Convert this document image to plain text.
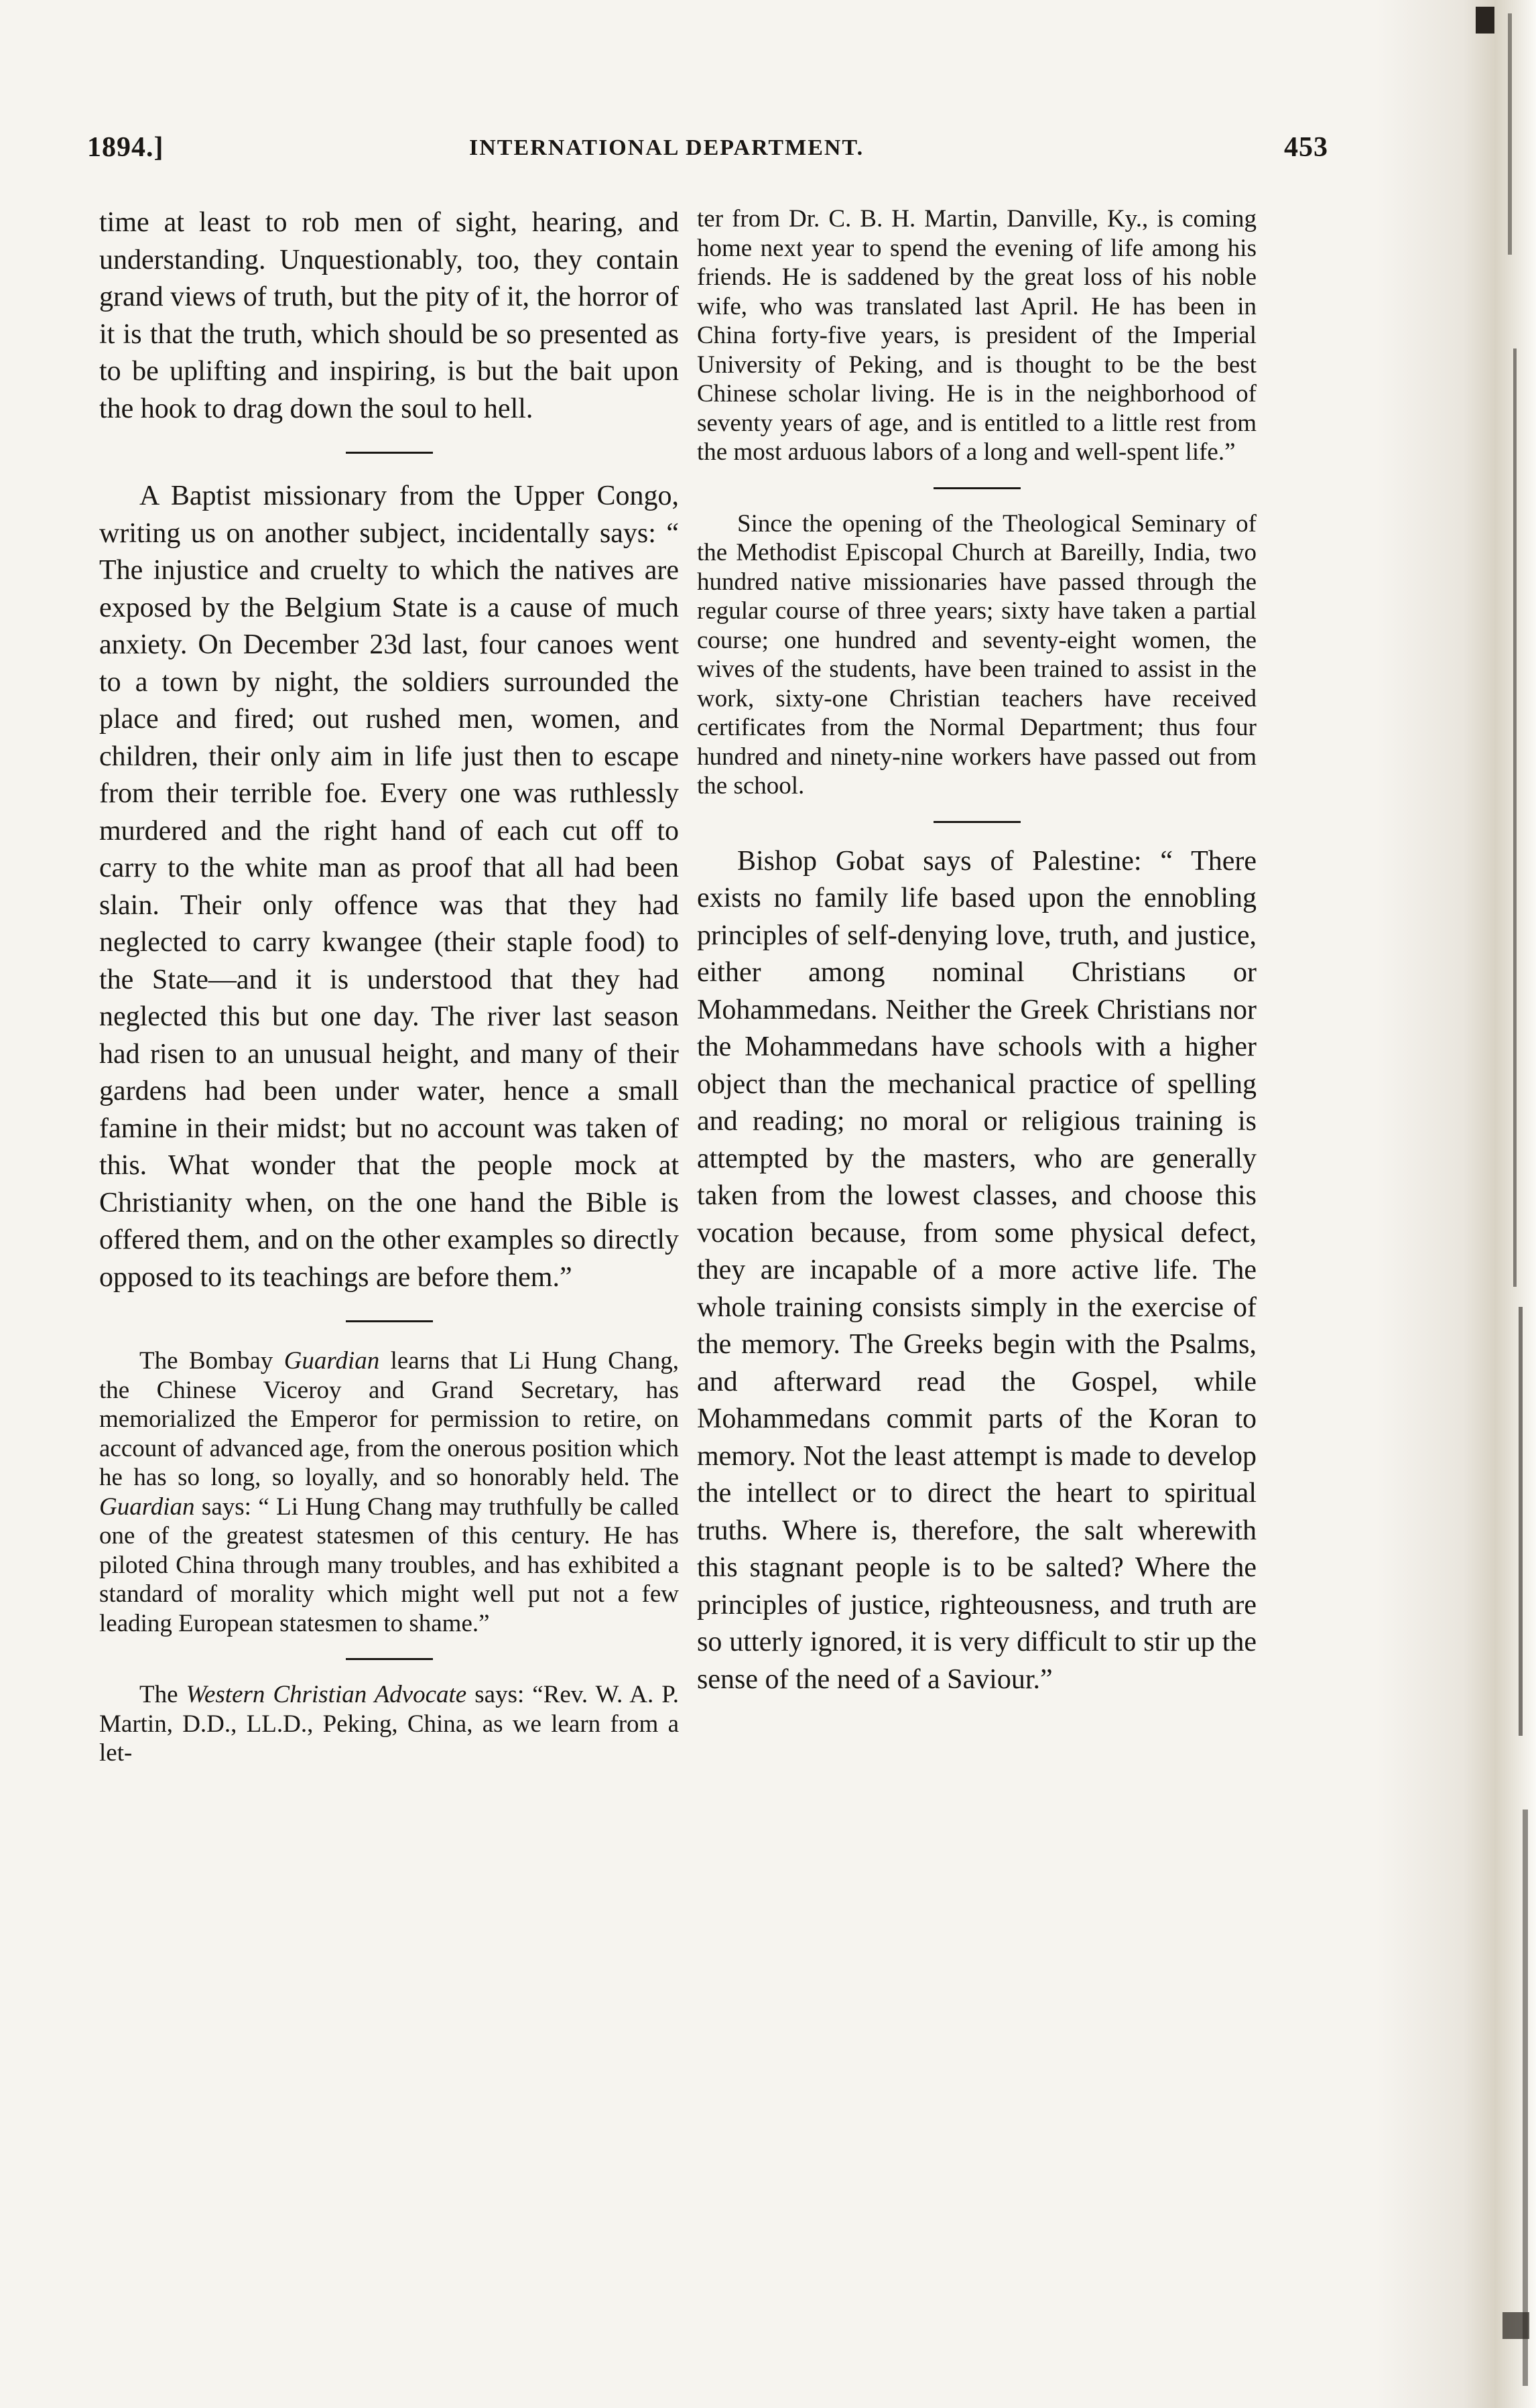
1894.]	INTERNATIONAL DEPARTMENT.	453

time at least to rob men of sight, hearing, and understanding. Unquestionably, too, they contain grand views of truth, but the pity of it, the horror of it is that the truth, which should be so presented as to be uplifting and inspiring, is but the bait upon the hook to drag down the soul to hell.

A Baptist missionary from the Upper Congo, writing us on another subject, incidentally says: “ The injustice and cruelty to which the natives are exposed by the Belgium State is a cause of much anxiety. On December 23d last, four canoes went to a town by night, the soldiers surrounded the place and fired; out rushed men, women, and children, their only aim in life just then to escape from their terrible foe. Every one was ruthlessly murdered and the right hand of each cut off to carry to the white man as proof that all had been slain. Their only offence was that they had neglected to carry kwangee (their staple food) to the State—and it is understood that they had neglected this but one day. The river last season had risen to an unusual height, and many of their gardens had been under water, hence a small famine in their midst; but no account was taken of this. What wonder that the people mock at Christianity when, on the one hand the Bible is offered them, and on the other examples so directly opposed to its teachings are before them.”

The Bombay Guardian learns that Li Hung Chang, the Chinese Viceroy and Grand Secretary, has memorialized the Emperor for permission to retire, on account of advanced age, from the onerous position which he has so long, so loyally, and so honorably held. The Guardian says: “ Li Hung Chang may truthfully be called one of the greatest statesmen of this century. He has piloted China through many troubles, and has exhibited a standard of morality which might well put not a few leading European statesmen to shame.”

The Western Christian Advocate says: “Rev. W. A. P. Martin, D.D., LL.D., Peking, China, as we learn from a let-

ter from Dr. C. B. H. Martin, Danville, Ky., is coming home next year to spend the evening of life among his friends. He is saddened by the great loss of his noble wife, who was translated last April. He has been in China forty-five years, is president of the Imperial University of Peking, and is thought to be the best Chinese scholar living. He is in the neighborhood of seventy years of age, and is entitled to a little rest from the most arduous labors of a long and well-spent life.”

Since the opening of the Theological Seminary of the Methodist Episcopal Church at Bareilly, India, two hundred native missionaries have passed through the regular course of three years; sixty have taken a partial course; one hundred and seventy-eight women, the wives of the students, have been trained to assist in the work, sixty-one Christian teachers have received certificates from the Normal Department; thus four hundred and ninety-nine workers have passed out from the school.

Bishop Gobat says of Palestine: “ There exists no family life based upon the ennobling principles of self-denying love, truth, and justice, either among nominal Christians or Mohammedans. Neither the Greek Christians nor the Mohammedans have schools with a higher object than the mechanical practice of spelling and reading; no moral or religious training is attempted by the masters, who are generally taken from the lowest classes, and choose this vocation because, from some physical defect, they are incapable of a more active life. The whole training consists simply in the exercise of the memory. The Greeks begin with the Psalms, and afterward read the Gospel, while Mohammedans commit parts of the Koran to memory. Not the least attempt is made to develop the intellect or to direct the heart to spiritual truths. Where is, therefore, the salt wherewith this stagnant people is to be salted? Where the principles of justice, righteousness, and truth are so utterly ignored, it is very difficult to stir up the sense of the need of a Saviour.”
